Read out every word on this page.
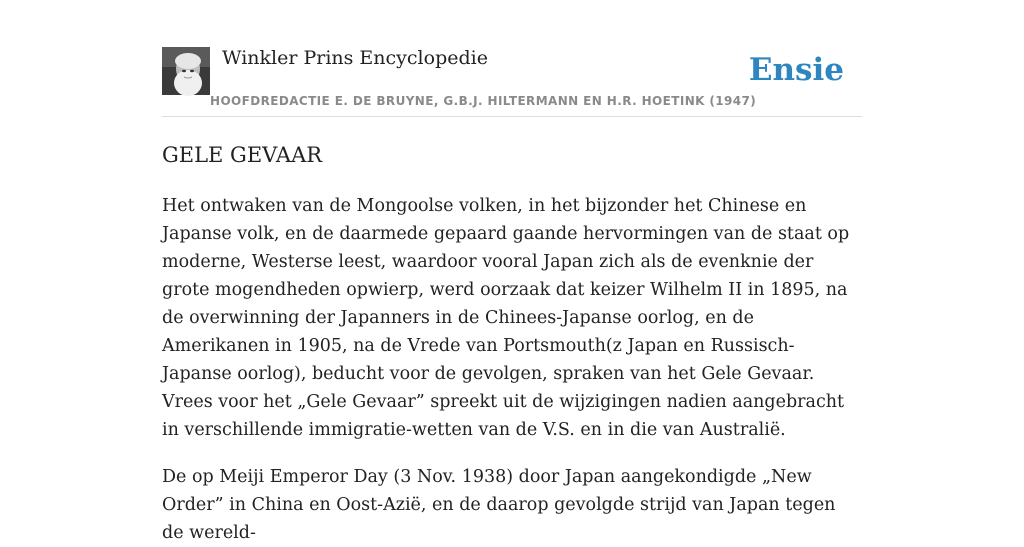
Winkler Prins Encyclopedie
HOOFDREDACTIE E. DE BRUYNE, G.B.J. HILTERMANN EN H.R. HOETINK (1947)
Ensie
GELE GEVAAR

Het ontwaken van de Mongoolse volken, in het bijzonder het Chinese en Japanse volk, en de daarmede gepaard gaande hervormingen van de staat op moderne, Westerse leest, waardoor vooral Japan zich als de evenknie der grote mogendheden opwierp, werd oorzaak dat keizer Wilhelm II in 1895, na de overwinning der Japanners in de Chinees-Japanse oorlog, en de Amerikanen in 1905, na de Vrede van Portsmouth(z Japan en Russisch-Japanse oorlog), beducht voor de gevolgen, spraken van het Gele Gevaar. Vrees voor het „Gele Gevaar” spreekt uit de wijzigingen nadien aangebracht in verschillende immigratie-wetten van de V.S. en in die van Australië.

De op Meiji Emperor Day (3 Nov. 1938) door Japan aangekondigde „New Order” in China en Oost-Azië, en de daarop gevolgde strijd van Japan tegen de wereld-
